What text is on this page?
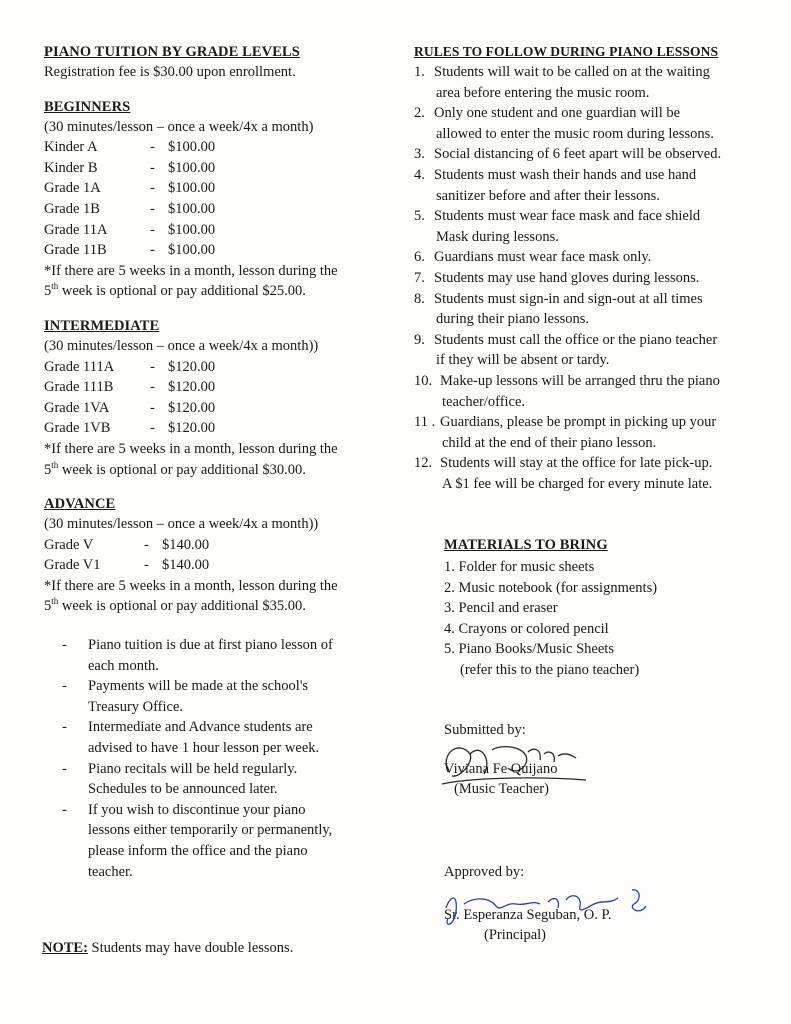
PIANO TUITION BY GRADE LEVELS
Registration fee is $30.00 upon enrollment.
BEGINNERS
(30 minutes/lesson – once a week/4x a month)
Kinder A	- $100.00
Kinder B	- $100.00
Grade 1A	- $100.00
Grade 1B	- $100.00
Grade 11A	- $100.00
Grade 11B	- $100.00
*If there are 5 weeks in a month, lesson during the
5th week is optional or pay additional $25.00.
INTERMEDIATE
(30 minutes/lesson – once a week/4x a month))
Grade 111A	- $120.00
Grade 111B	- $120.00
Grade 1VA	- $120.00
Grade 1VB	- $120.00
*If there are 5 weeks in a month, lesson during the
5th week is optional or pay additional $30.00.
ADVANCE
(30 minutes/lesson – once a week/4x a month))
Grade V	- $140.00
Grade V1	- $140.00
*If there are 5 weeks in a month, lesson during the
5th week is optional or pay additional $35.00.
-	Piano tuition is due at first piano lesson of
each month.
-	Payments will be made at the school's
Treasury Office.
-	Intermediate and Advance students are
advised to have 1 hour lesson per week.
-	Piano recitals will be held regularly.
Schedules to be announced later.
-	If you wish to discontinue your piano
lessons either temporarily or permanently,
please inform the office and the piano
teacher.
RULES TO FOLLOW DURING PIANO LESSONS
1. Students will wait to be called on at the waiting
area before entering the music room.
2. Only one student and one guardian will be
allowed to enter the music room during lessons.
3. Social distancing of 6 feet apart will be observed.
4. Students must wash their hands and use hand
sanitizer before and after their lessons.
5. Students must wear face mask and face shield
Mask during lessons.
6. Guardians must wear face mask only.
7. Students may use hand gloves during lessons.
8. Students must sign-in and sign-out at all times
during their piano lessons.
9. Students must call the office or the piano teacher
if they will be absent or tardy.
10. Make-up lessons will be arranged thru the piano
teacher/office.
11 . Guardians, please be prompt in picking up your
child at the end of their piano lesson.
12. Students will stay at the office for late pick-up.
A $1 fee will be charged for every minute late.
MATERIALS TO BRING
1. Folder for music sheets
2. Music notebook (for assignments)
3. Pencil and eraser
4. Crayons or colored pencil
5. Piano Books/Music Sheets
(refer this to the piano teacher)
Submitted by:
Viviana Fe Quijano
(Music Teacher)
Approved by:
Sr. Esperanza Seguban, O. P.
(Principal)
NOTE: Students may have double lessons.
